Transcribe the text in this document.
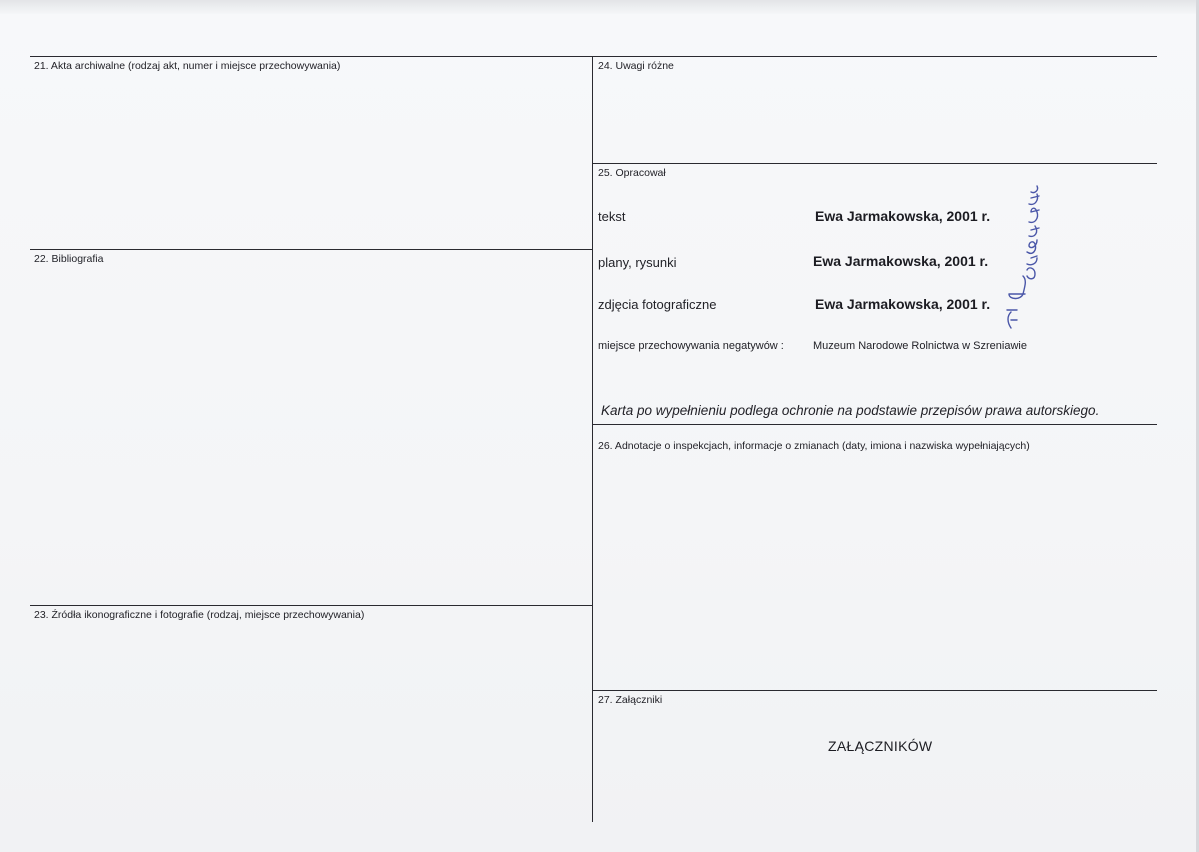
21. Akta archiwalne (rodzaj akt, numer i miejsce przechowywania)
22. Bibliografia
23. Źródła ikonograficzne i fotografie (rodzaj, miejsce przechowywania)
24. Uwagi różne
25. Opracował
tekst	Ewa Jarmakowska, 2001 r.
plany, rysunki	Ewa Jarmakowska, 2001 r.
zdjęcia fotograficzne	Ewa Jarmakowska, 2001 r.
miejsce przechowywania negatywów :	Muzeum Narodowe Rolnictwa w Szreniawie
Karta po wypełnieniu podlega ochronie na podstawie przepisów prawa autorskiego.
26. Adnotacje o inspekcjach, informacje o zmianach (daty, imiona i nazwiska wypełniających)
27. Załączniki
ZAŁĄCZNIKÓW
